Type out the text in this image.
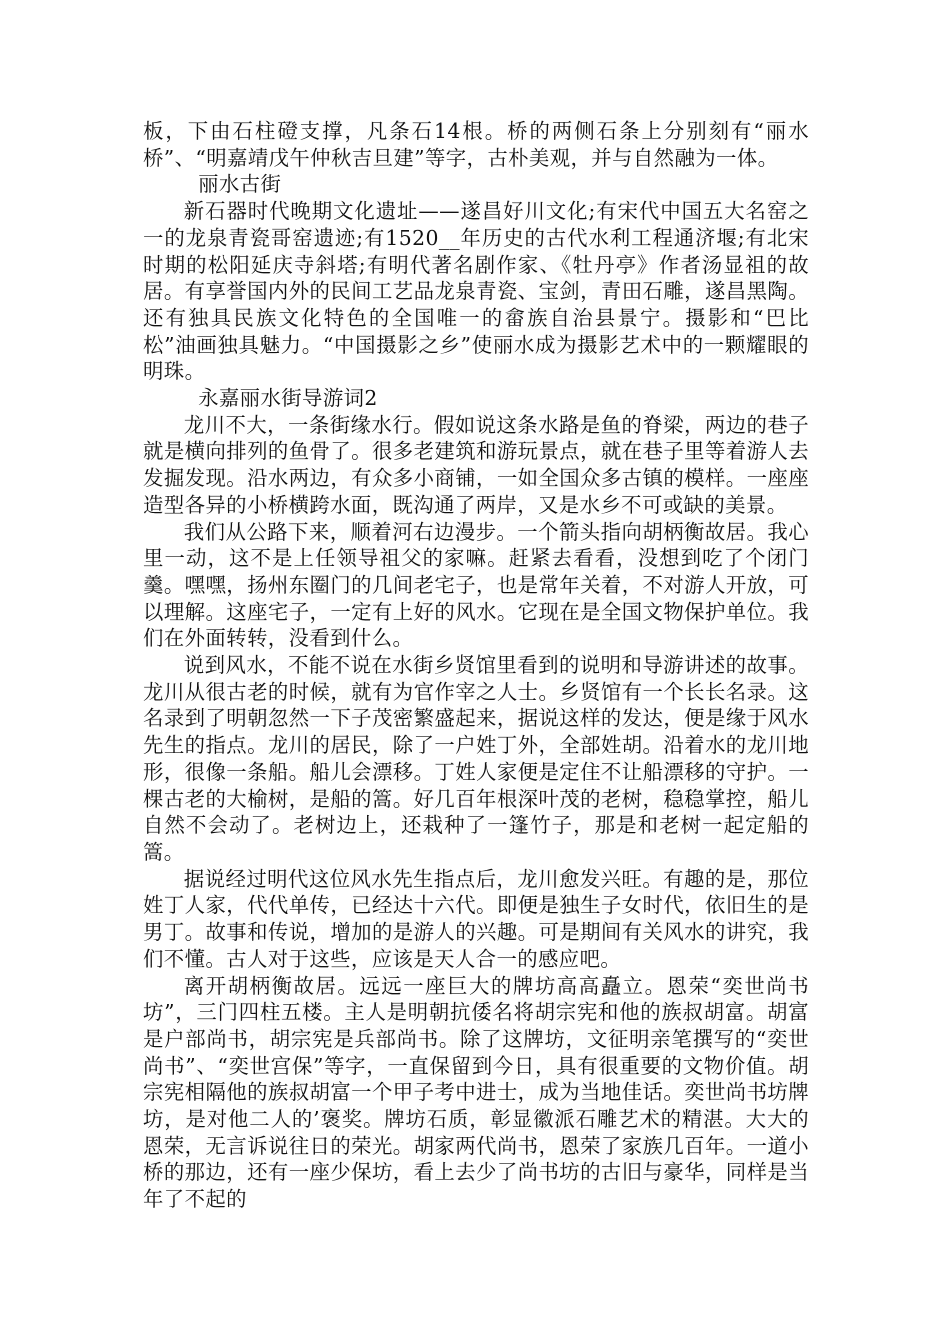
板，下由石柱磴支撑，凡条石14根。桥的两侧石条上分别刻有“丽水桥”、“明嘉靖戊午仲秋吉旦建”等字，古朴美观，并与自然融为一体。

丽水古街

新石器时代晚期文化遗址——遂昌好川文化;有宋代中国五大名窑之一的龙泉青瓷哥窑遗迹;有1520__年历史的古代水利工程通济堰;有北宋时期的松阳延庆寺斜塔;有明代著名剧作家、《牡丹亭》作者汤显祖的故居。有享誉国内外的民间工艺品龙泉青瓷、宝剑，青田石雕，遂昌黑陶。还有独具民族文化特色的全国唯一的畲族自治县景宁。摄影和“巴比松”油画独具魅力。“中国摄影之乡”使丽水成为摄影艺术中的一颗耀眼的明珠。

永嘉丽水街导游词2

龙川不大，一条街缘水行。假如说这条水路是鱼的脊梁，两边的巷子就是横向排列的鱼骨了。很多老建筑和游玩景点，就在巷子里等着游人去发掘发现。沿水两边，有众多小商铺，一如全国众多古镇的模样。一座座造型各异的小桥横跨水面，既沟通了两岸，又是水乡不可或缺的美景。

我们从公路下来，顺着河右边漫步。一个箭头指向胡柄衡故居。我心里一动，这不是上任领导祖父的家嘛。赶紧去看看，没想到吃了个闭门羹。嘿嘿，扬州东圈门的几间老宅子，也是常年关着，不对游人开放，可以理解。这座宅子，一定有上好的风水。它现在是全国文物保护单位。我们在外面转转，没看到什么。

说到风水，不能不说在水街乡贤馆里看到的说明和导游讲述的故事。龙川从很古老的时候，就有为官作宰之人士。乡贤馆有一个长长名录。这名录到了明朝忽然一下子茂密繁盛起来，据说这样的发达，便是缘于风水先生的指点。龙川的居民，除了一户姓丁外，全部姓胡。沿着水的龙川地形，很像一条船。船儿会漂移。丁姓人家便是定住不让船漂移的守护。一棵古老的大榆树，是船的篙。好几百年根深叶茂的老树，稳稳掌控，船儿自然不会动了。老树边上，还栽种了一篷竹子，那是和老树一起定船的篙。

据说经过明代这位风水先生指点后，龙川愈发兴旺。有趣的是，那位姓丁人家，代代单传，已经达十六代。即便是独生子女时代，依旧生的是男丁。故事和传说，增加的是游人的兴趣。可是期间有关风水的讲究，我们不懂。古人对于这些，应该是天人合一的感应吧。

离开胡柄衡故居。远远一座巨大的牌坊高高矗立。恩荣“奕世尚书坊”，三门四柱五楼。主人是明朝抗倭名将胡宗宪和他的族叔胡富。胡富是户部尚书，胡宗宪是兵部尚书。除了这牌坊，文征明亲笔撰写的“奕世尚书”、“奕世宫保”等字，一直保留到今日，具有很重要的文物价值。胡宗宪相隔他的族叔胡富一个甲子考中进士，成为当地佳话。奕世尚书坊牌坊，是对他二人的’褒奖。牌坊石质，彰显徽派石雕艺术的精湛。大大的恩荣，无言诉说往日的荣光。胡家两代尚书，恩荣了家族几百年。一道小桥的那边，还有一座少保坊，看上去少了尚书坊的古旧与豪华，同样是当年了不起的
